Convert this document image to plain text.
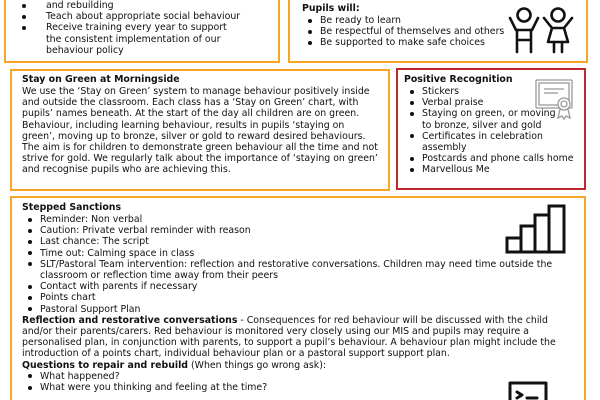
and rebuilding
Teach about appropriate social behaviour
Receive training every year to support the consistent implementation of our behaviour policy

Pupils will:

Be ready to learn
Be respectful of themselves and others
Be supported to make safe choices

Stay on Green at Morningside

We use the ‘Stay on Green’ system to manage behaviour positively inside and outside the classroom. Each class has a ‘Stay on Green’ chart, with pupils’ names beneath. At the start of the day all children are on green. Behaviour, including learning behaviour, results in pupils ‘staying on green’, moving up to bronze, silver or gold to reward desired behaviours. The aim is for children to demonstrate green behaviour all the time and not strive for gold. We regularly talk about the importance of ‘staying on green’ and recognise pupils who are achieving this.

Positive Recognition

Stickers
Verbal praise
Staying on green, or moving to bronze, silver and gold
Certificates in celebration assembly
Postcards and phone calls home
Marvellous Me

Stepped Sanctions

Reminder: Non verbal
Caution: Private verbal reminder with reason
Last chance: The script
Time out: Calming space in class
SLT/Pastoral Team intervention: reflection and restorative conversations. Children may need time outside the classroom or reflection time away from their peers
Contact with parents if necessary
Points chart
Pastoral Support Plan

Reflection and restorative conversations - Consequences for red behaviour will be discussed with the child and/or their parents/carers. Red behaviour is monitored very closely using our MIS and pupils may require a personalised plan, in conjunction with parents, to support a pupil’s behaviour. A behaviour plan might include the introduction of a points chart, individual behaviour plan or a pastoral support support plan.

Questions to repair and rebuild (When things go wrong ask):

What happened?
What were you thinking and feeling at the time?
